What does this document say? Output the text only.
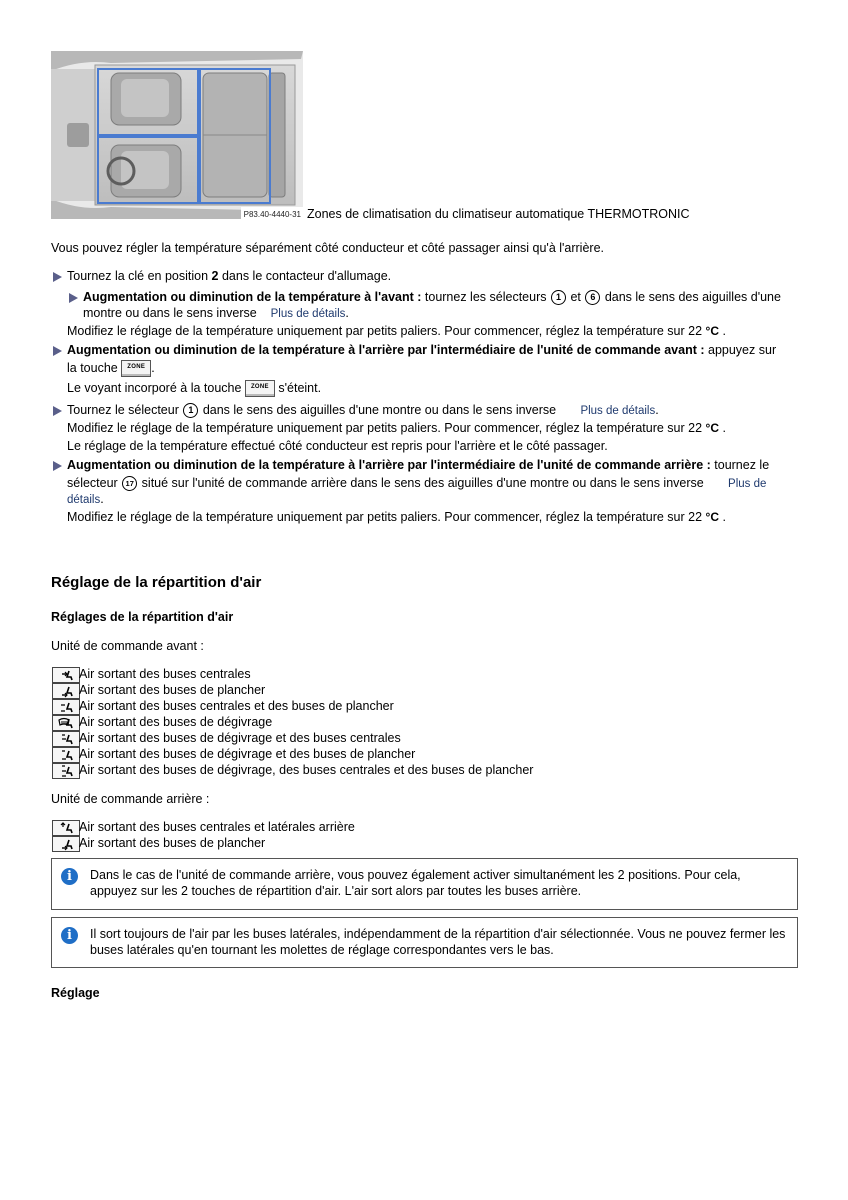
P83.40-4440-31 Zones de climatisation du climatiseur automatique THERMOTRONIC
Vous pouvez régler la température séparément côté conducteur et côté passager ainsi qu'à l'arrière.
Tournez la clé en position 2 dans le contacteur d'allumage.
Augmentation ou diminution de la température à l'avant : tournez les sélecteurs 1 et 6 dans le sens des aiguilles d'une
montre ou dans le sens inverse Plus de détails.
Modifiez le réglage de la température uniquement par petits paliers. Pour commencer, réglez la température sur 22 °C .
Augmentation ou diminution de la température à l'arrière par l'intermédiaire de l'unité de commande avant : appuyez sur
la touche ZONE .
Le voyant incorporé à la touche ZONE s'éteint.
Tournez le sélecteur 1 dans le sens des aiguilles d'une montre ou dans le sens inverse Plus de détails.
Modifiez le réglage de la température uniquement par petits paliers. Pour commencer, réglez la température sur 22 °C .
Le réglage de la température effectué côté conducteur est repris pour l'arrière et le côté passager.
Augmentation ou diminution de la température à l'arrière par l'intermédiaire de l'unité de commande arrière : tournez le
sélecteur 17 situé sur l'unité de commande arrière dans le sens des aiguilles d'une montre ou dans le sens inverse Plus de
détails.
Modifiez le réglage de la température uniquement par petits paliers. Pour commencer, réglez la température sur 22 °C .
Réglage de la répartition d'air
Réglages de la répartition d'air
Unité de commande avant :
Air sortant des buses centrales
Air sortant des buses de plancher
Air sortant des buses centrales et des buses de plancher
Air sortant des buses de dégivrage
Air sortant des buses de dégivrage et des buses centrales
Air sortant des buses de dégivrage et des buses de plancher
Air sortant des buses de dégivrage, des buses centrales et des buses de plancher
Unité de commande arrière :
Air sortant des buses centrales et latérales arrière
Air sortant des buses de plancher
i	Dans le cas de l'unité de commande arrière, vous pouvez également activer simultanément les 2 positions. Pour cela, appuyez sur les 2 touches de répartition d'air. L'air sort alors par toutes les buses arrière.
i	Il sort toujours de l'air par les buses latérales, indépendamment de la répartition d'air sélectionnée. Vous ne pouvez fermer les buses latérales qu'en tournant les molettes de réglage correspondantes vers le bas.
Réglage
